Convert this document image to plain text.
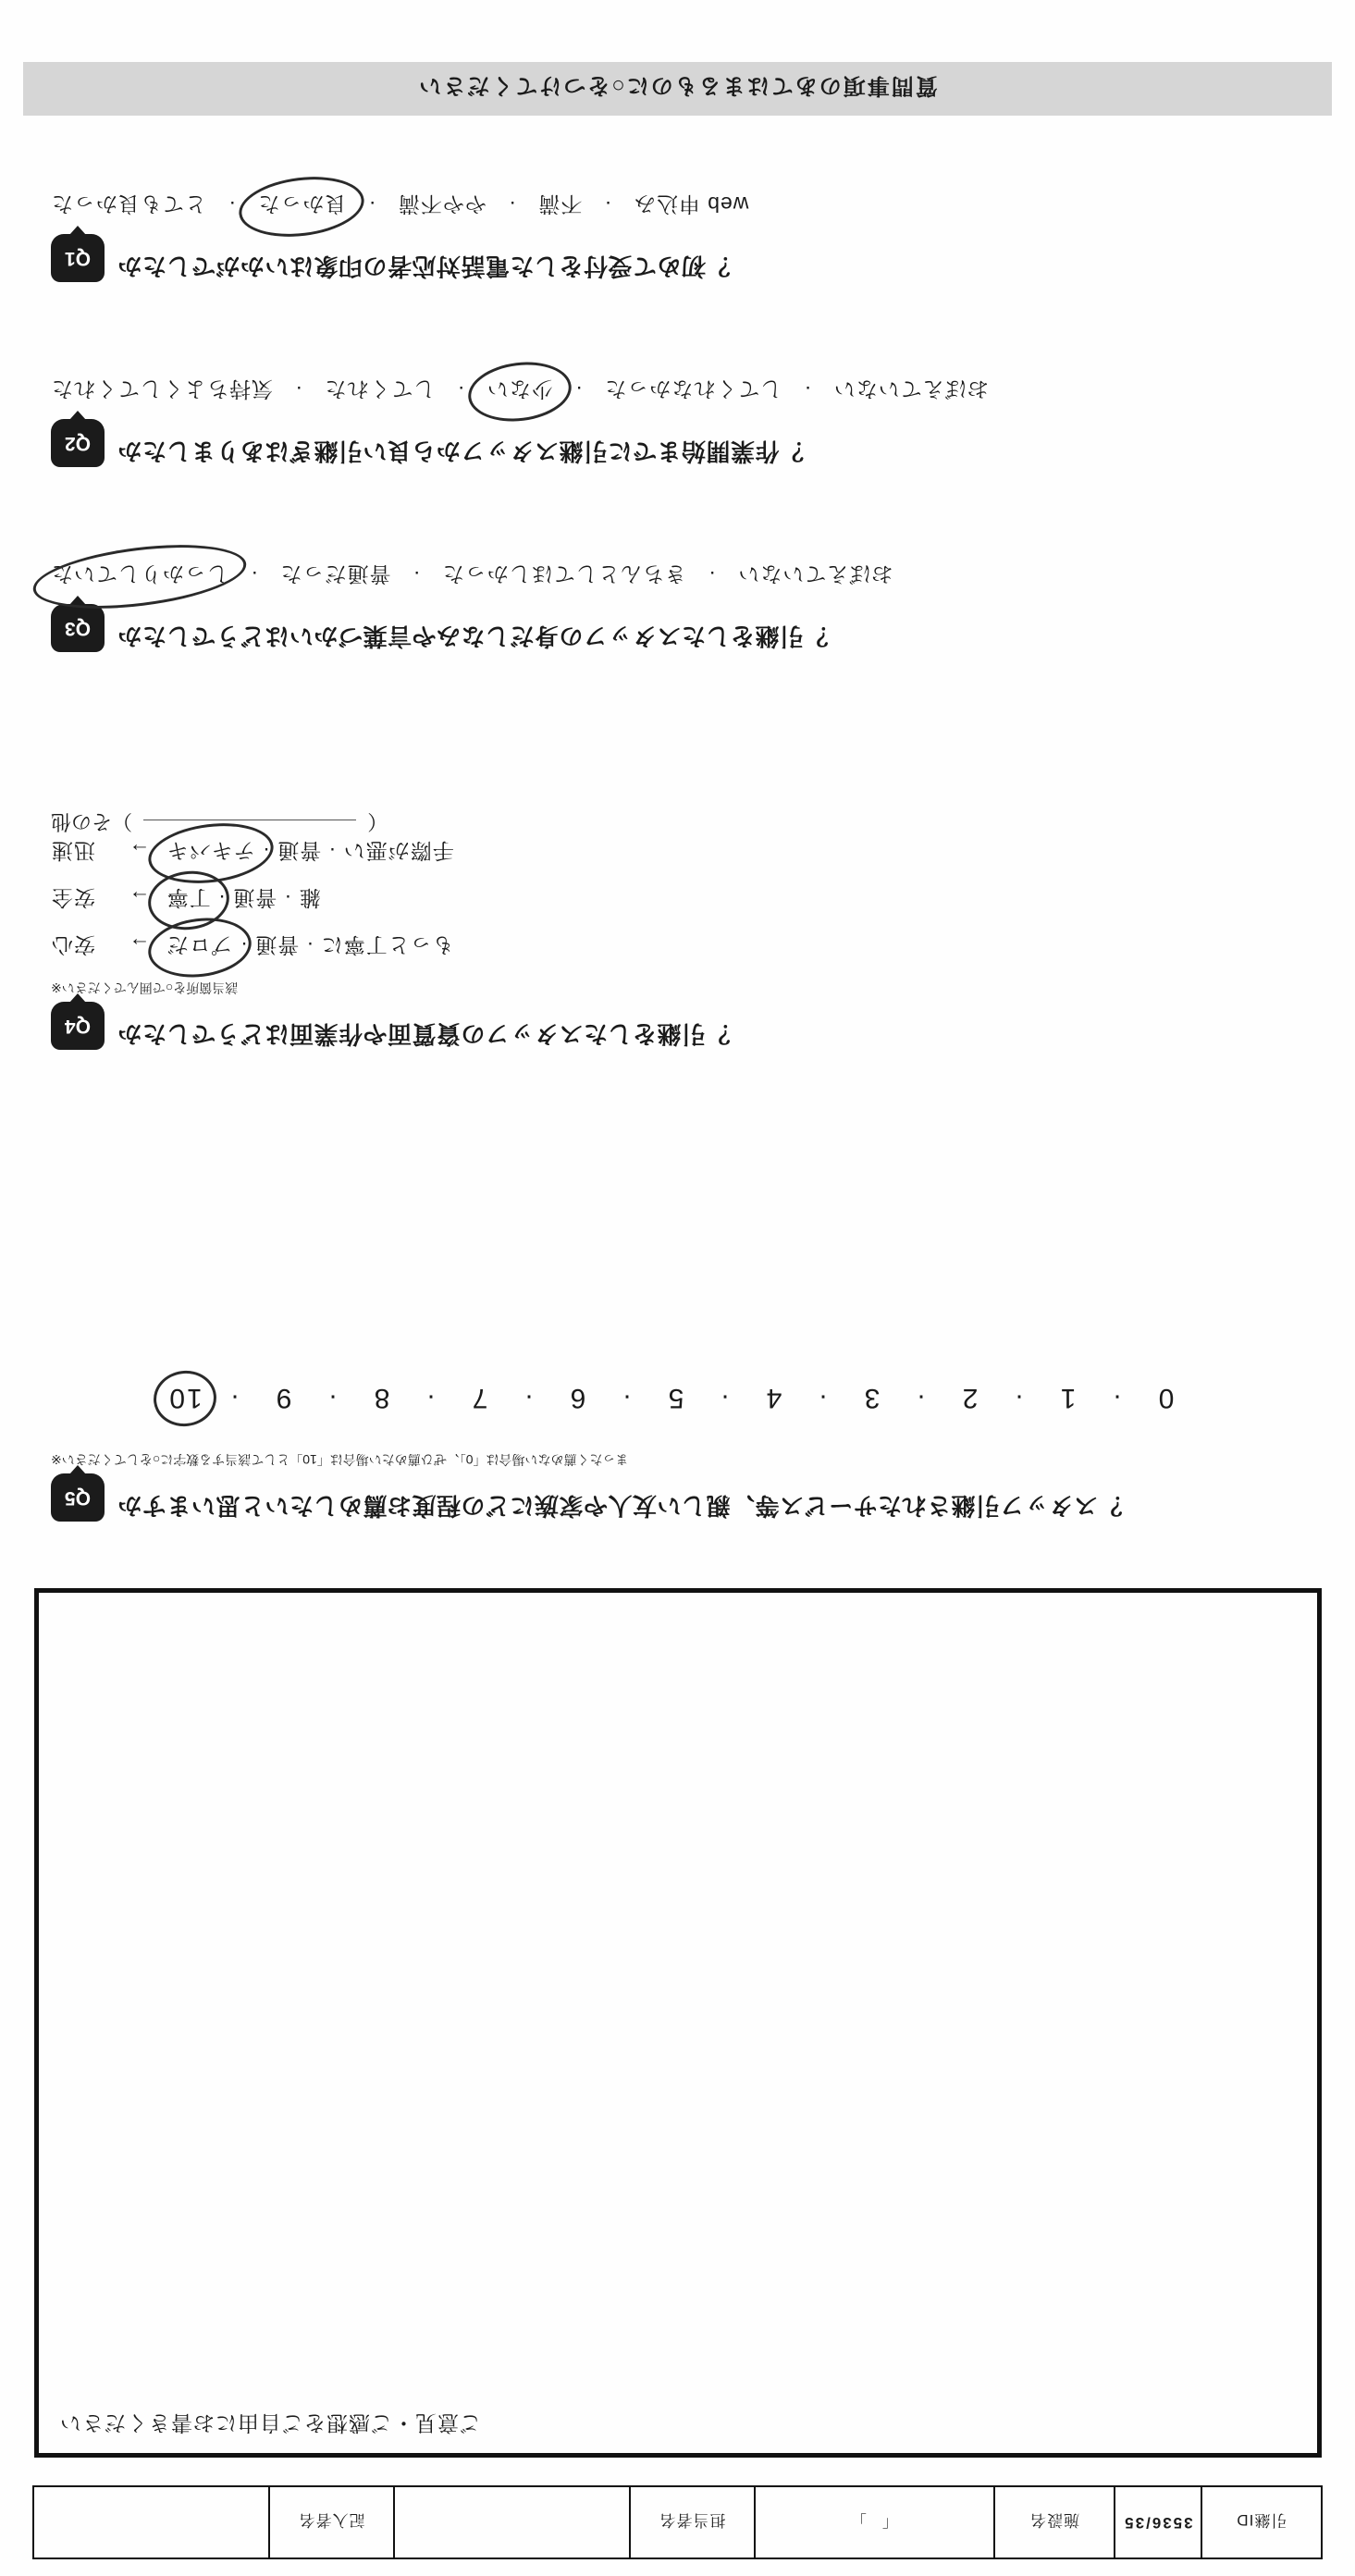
引継ID	3536/35	施設名	「　」	担当者名	　　	記入者名	　　
ご意見・ご感想をご自由にお書きください

Q5	スタッフ引継されたサービス等、親しい友人や家族にどの程度お薦めしたいと思いますか？
※まったく薦めない場合は「0」、ぜひ薦めたい場合は「10」として該当する数字に○をしてください
10 · 9 · 8 · 7 · 6 · 5 · 4 · 3 · 2 · 1 · 0
Q4	引継をしたスタッフの資質面や作業面はどうでしたか？
※該当箇所を○で囲んでください
安心 → プロだ · 普通 · もっと丁寧に
安全 → 丁寧 · 普通 · 雑
迅速 → テキパキ · 普通 · 手際が悪い
その他（	）
Q3	引継をしたスタッフの身だしなみや言葉づかいはどうでしたか？
しっかりしていた · 普通だった · きちんとしてほしかった · おぼえていない
Q2	作業開始までに引継スタッフから良い引継ぎはありましたか？
気持ちよくしてくれた · してくれた · 少ない · してくれなかった · おぼえていない
Q1	初めて受付をした電話対応者の印象はいかがでしたか？
とても良かった · 良かった · やや不満 · 不満 · web 申込み
質問事項のあてはまるものに○をつけてください
